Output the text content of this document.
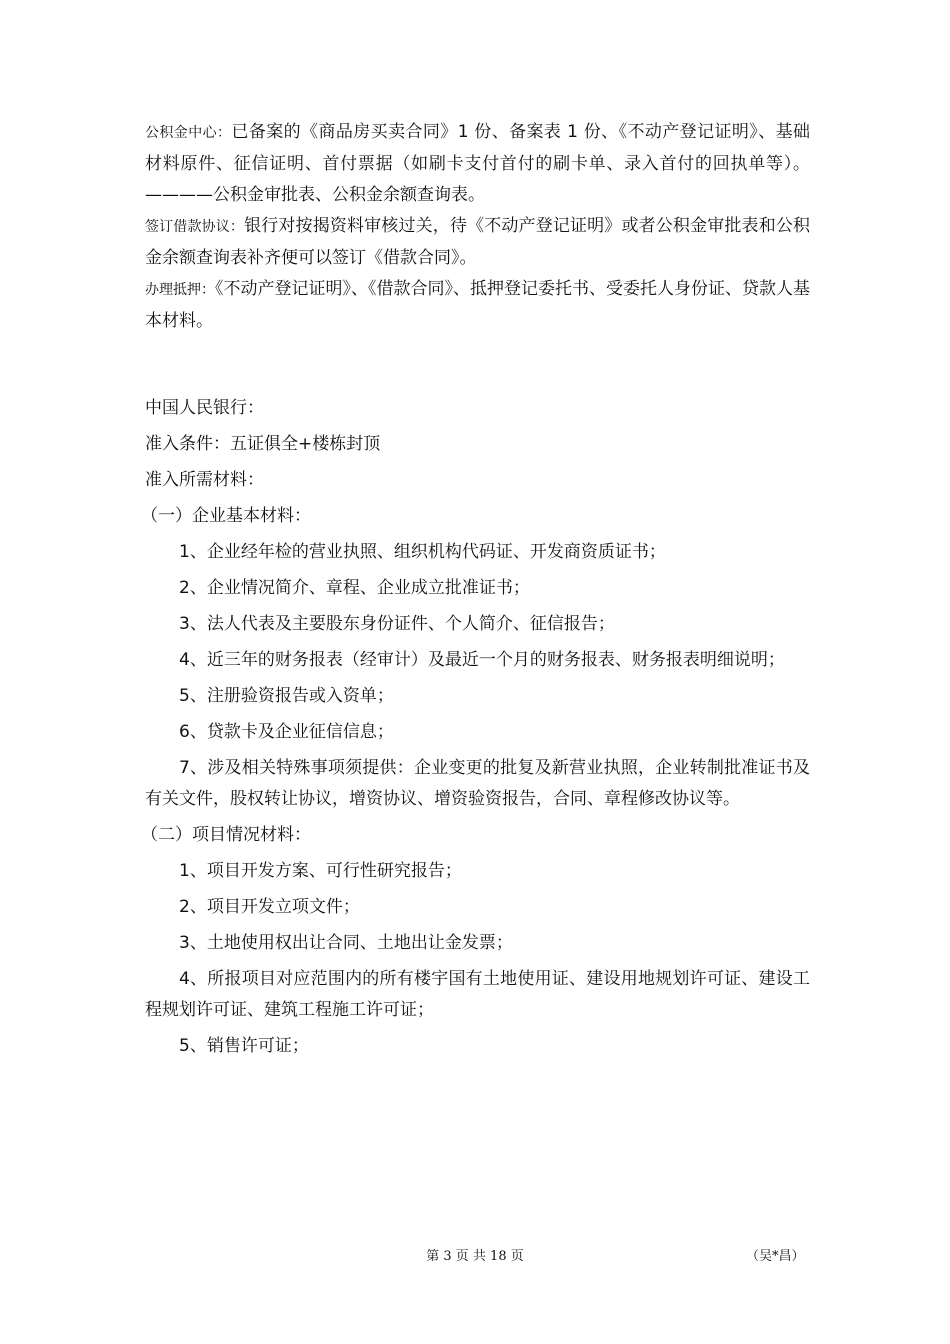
公积金中心：已备案的《商品房买卖合同》1 份、备案表 1 份、《不动产登记证明》、基础材料原件、征信证明、首付票据（如刷卡支付首付的刷卡单、录入首付的回执单等）。————公积金审批表、公积金余额查询表。

签订借款协议：银行对按揭资料审核过关，待《不动产登记证明》或者公积金审批表和公积金余额查询表补齐便可以签订《借款合同》。

办理抵押：《不动产登记证明》、《借款合同》、抵押登记委托书、受委托人身份证、贷款人基本材料。

中国人民银行：

准入条件：五证俱全+楼栋封顶

准入所需材料：

（一）企业基本材料：

1、企业经年检的营业执照、组织机构代码证、开发商资质证书；

2、企业情况简介、章程、企业成立批准证书；

3、法人代表及主要股东身份证件、个人简介、征信报告；

4、近三年的财务报表（经审计）及最近一个月的财务报表、财务报表明细说明；

5、注册验资报告或入资单；

6、贷款卡及企业征信信息；

7、涉及相关特殊事项须提供：企业变更的批复及新营业执照，企业转制批准证书及有关文件，股权转让协议，增资协议、增资验资报告，合同、章程修改协议等。

（二）项目情况材料：

1、项目开发方案、可行性研究报告；

2、项目开发立项文件；

3、土地使用权出让合同、土地出让金发票；

4、所报项目对应范围内的所有楼宇国有土地使用证、建设用地规划许可证、建设工程规划许可证、建筑工程施工许可证；

5、销售许可证；

第 3 页 共 18 页	（吴*昌）
